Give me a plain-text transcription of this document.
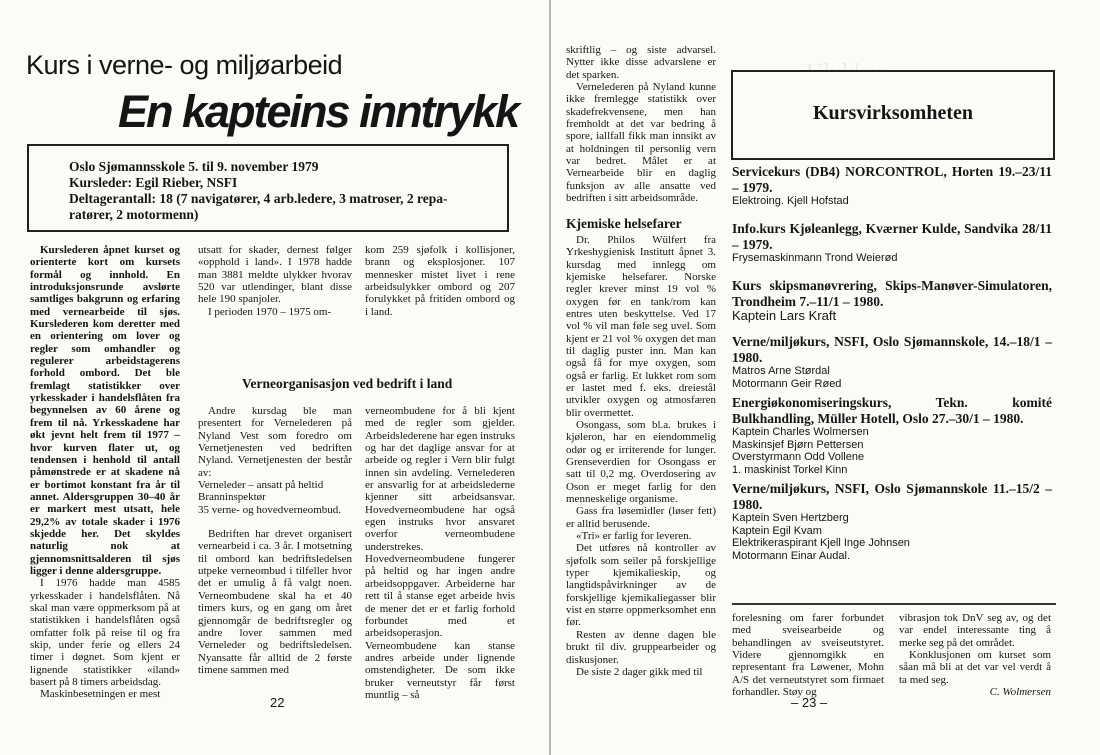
Kurs i verne- og miljøarbeid
En kapteins inntrykk
Oslo Sjømannsskole 5. til 9. november 1979
Kursleder: Egil Rieber, NSFI
Deltagerantall: 18 (7 navigatører, 4 arb.ledere, 3 matroser, 2 repa-
ratører, 2 motormenn)

Kurslederen åpnet kurset og orienterte kort om kursets formål og innhold. En introduksjonsrunde avslørte samtliges bakgrunn og erfaring med vernearbeide til sjøs. Kurslederen kom deretter med en orientering om lover og regler som omhandler og regulerer arbeidstagerens forhold ombord. Det ble fremlagt statistikker over yrkesskader i handelsflåten fra begynnelsen av 60 årene og frem til nå. Yrkesskadene har økt jevnt helt frem til 1977 – hvor kurven flater ut, og tendensen i henhold til antall påmønstrede er at skadene nå er bortimot konstant fra år til annet. Aldersgruppen 30–40 år er markert mest utsatt, hele 29,2% av totale skader i 1976 skjedde her. Det skyldes naturlig nok at gjennomsnittsalderen til sjøs ligger i denne aldersgruppe.

I 1976 hadde man 4585 yrkesskader i handelsflåten. Nå skal man være oppmerksom på at statistikken i handelsflåten også omfatter folk på reise til og fra skip, under ferie og ellers 24 timer i døgnet. Som kjent er lignende statistikker «iland» basert på 8 timers arbeidsdag.

Maskinbesetningen er mest

utsatt for skader, dernest følger «opphold i land». I 1978 hadde man 3881 meldte ulykker hvorav 520 var utlendinger, blant disse hele 190 spanjoler.

I perioden 1970 – 1975 om-

kom 259 sjøfolk i kollisjoner, brann og eksplosjoner. 107 mennesker mistet livet i rene arbeidsulykker ombord og 207 forulykket på fritiden ombord og i land.

Verneorganisasjon ved bedrift i land

Andre kursdag ble man presentert for Vernelederen på Nyland Vest som foredro om Vernetjenesten ved bedriften Nyland. Vernetjenesten der består av:

Verneleder – ansatt på heltid

Branninspektør

35 verne- og hovedverneombud.

Bedriften har drevet organisert vernearbeid i ca. 3 år. I motsetning til ombord kan bedriftsledelsen utpeke verneombud i tilfeller hvor det er umulig å få valgt noen. Verneombudene skal ha et 40 timers kurs, og en gang om året gjennomgår de bedriftsregler og andre lover sammen med Verneleder og bedriftsledelsen. Nyansatte får alltid de 2 første timene sammen med

verneombudene for å bli kjent med de regler som gjelder. Arbeidslederene har egen instruks og har det daglige ansvar for at arbeide og regler i Vern blir fulgt innen sin avdeling. Vernelederen er ansvarlig for at arbeidslederne kjenner sitt arbeidsansvar. Hovedverneombudene har også egen instruks hvor ansvaret overfor verneombudene understrekes. Hovedverneombudene fungerer på heltid og har ingen andre arbeidsoppgaver. Arbeiderne har rett til å stanse eget arbeide hvis de mener det er et farlig forhold forbundet med et arbeidsoperasjon. Verneombudene kan stanse andres arbeide under lignende omstendigheter. De som ikke bruker verneutstyr får først muntlig – så

22

skriftlig – og siste advarsel. Nytter ikke disse advarslene er det sparken.

Vernelederen på Nyland kunne ikke fremlegge statistikk over skadefrekvensene, men han fremholdt at det var bedring å spore, iallfall fikk man innsikt av at holdningen til personlig vern var bedret. Målet er at Vernearbeide blir en daglig funksjon av alle ansatte ved bedriften i sitt arbeidsområde.

Kjemiske helsefarer

Dr. Philos Wülfert fra Yrkeshygienisk Institutt åpnet 3. kursdag med innlegg om kjemiske helsefarer. Norske regler krever minst 19 vol % oxygen før en tank/rom kan entres uten beskyttelse. Ved 17 vol % vil man føle seg uvel. Som kjent er 21 vol % oxygen det man til daglig puster inn. Man kan også få for mye oxygen, som også er farlig. Et lukket rom som er lastet med f. eks. dreiestål utvikler oxygen og atmosfæren blir overmettet.

Osongass, som bl.a. brukes i kjøleron, har en eiendommelig odør og er irriterende for lunger. Grenseverdien for Osongass er satt til 0,2 mg. Overdosering av Oson er meget farlig for den menneskelige organisme.

Gass fra løsemidler (løser fett) er alltid berusende.

«Tri» er farlig for leveren.

Det utføres nå kontroller av sjøfolk som seiler på forskjellige typer kjemikalieskip, og langtidspåvirkninger av de forskjellige kjemikaliegasser blir vist en større oppmerksomhet enn før.

Resten av denne dagen ble brukt til div. gruppearbeider og diskusjoner.

De siste 2 dager gikk med til

Kursvirksomheten
Servicekurs (DB4) NORCONTROL, Horten 19.–23/11 – 1979.
Elektroing. Kjell Hofstad
Info.kurs Kjøleanlegg, Kværner Kulde, Sandvika 28/11 – 1979.
Frysemaskinmann Trond Weierød
Kurs skipsmanøvrering, Skips-Manøver-Simulatoren, Trondheim 7.–11/1 – 1980.
Kaptein Lars Kraft
Verne/miljøkurs, NSFI, Oslo Sjømannskole, 14.–18/1 – 1980.
Matros Arne Størdal
Motormann Geir Røed
Energiøkonomiseringskurs, Tekn. komité Bulkhandling, Müller Hotell, Oslo 27.–30/1 – 1980.
Kaptein Charles Wolmersen
Maskinsjef Bjørn Pettersen
Overstyrmann Odd Vollene
1. maskinist Torkel Kinn
Verne/miljøkurs, NSFI, Oslo Sjømannskole 11.–15/2 – 1980.
Kaptein Sven Hertzberg
Kaptein Egil Kvam
Elektrikeraspirant Kjell Inge Johnsen
Motormann Einar Audal.

forelesning om farer forbundet med sveisearbeide og behandlingen av sveiseutstyret. Videre gjennomgikk en representant fra Løwener, Mohn A/S det verneutstyret som firmaet forhandler. Støy og

vibrasjon tok DnV seg av, og det var endel interessante ting å merke seg på det området.

Konklusjonen om kurset som såan må bli at det var vel verdt å ta med seg.

C. Wolmersen
– 23 –
